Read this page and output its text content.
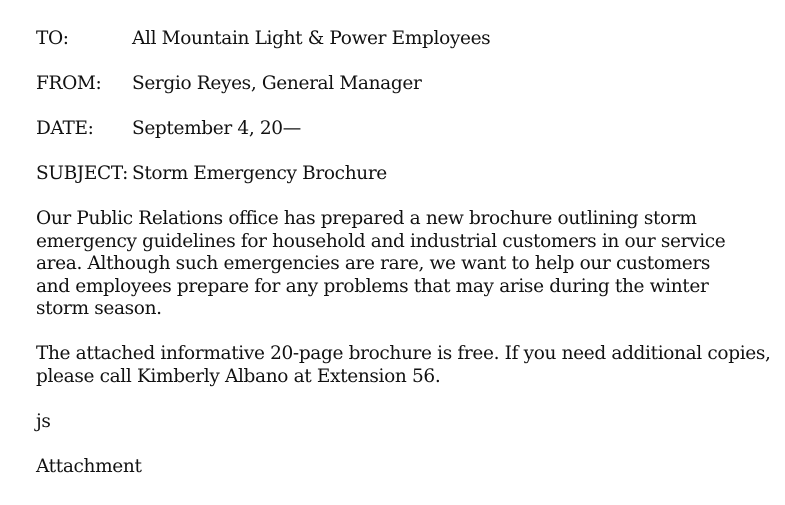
TO:	All Mountain Light & Power Employees
FROM:	Sergio Reyes, General Manager
DATE:	September 4, 20—
SUBJECT: Storm Emergency Brochure
Our Public Relations office has prepared a new brochure outlining storm
emergency guidelines for household and industrial customers in our service
area. Although such emergencies are rare, we want to help our customers
and employees prepare for any problems that may arise during the winter
storm season.
The attached informative 20-page brochure is free. If you need additional copies,
please call Kimberly Albano at Extension 56.
js
Attachment
